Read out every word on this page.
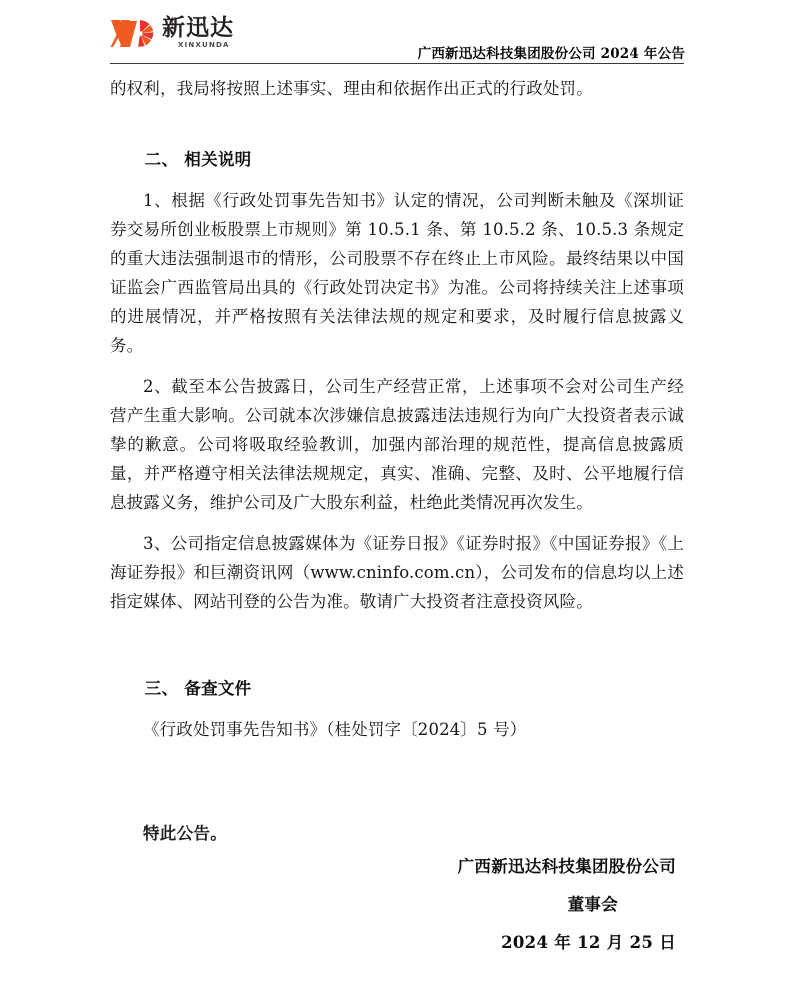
新迅达
XINXUNDA
广西新迅达科技集团股份公司 2024 年公告

的权利，我局将按照上述事实、理由和依据作出正式的行政处罚。

二、 相关说明

1、根据《行政处罚事先告知书》认定的情况，公司判断未触及《深圳证券交易所创业板股票上市规则》第 10.5.1 条、第 10.5.2 条、10.5.3 条规定的重大违法强制退市的情形，公司股票不存在终止上市风险。最终结果以中国证监会广西监管局出具的《行政处罚决定书》为准。公司将持续关注上述事项的进展情况，并严格按照有关法律法规的规定和要求，及时履行信息披露义务。

2、截至本公告披露日，公司生产经营正常，上述事项不会对公司生产经营产生重大影响。公司就本次涉嫌信息披露违法违规行为向广大投资者表示诚挚的歉意。公司将吸取经验教训，加强内部治理的规范性，提高信息披露质量，并严格遵守相关法律法规规定，真实、准确、完整、及时、公平地履行信息披露义务，维护公司及广大股东利益，杜绝此类情况再次发生。

3、公司指定信息披露媒体为《证券日报》《证券时报》《中国证券报》《上海证券报》和巨潮资讯网（www.cninfo.com.cn），公司发布的信息均以上述指定媒体、网站刊登的公告为准。敬请广大投资者注意投资风险。

三、 备查文件

《行政处罚事先告知书》（桂处罚字〔2024〕5 号）

特此公告。

广西新迅达科技集团股份公司
董事会
2024 年 12 月 25 日
